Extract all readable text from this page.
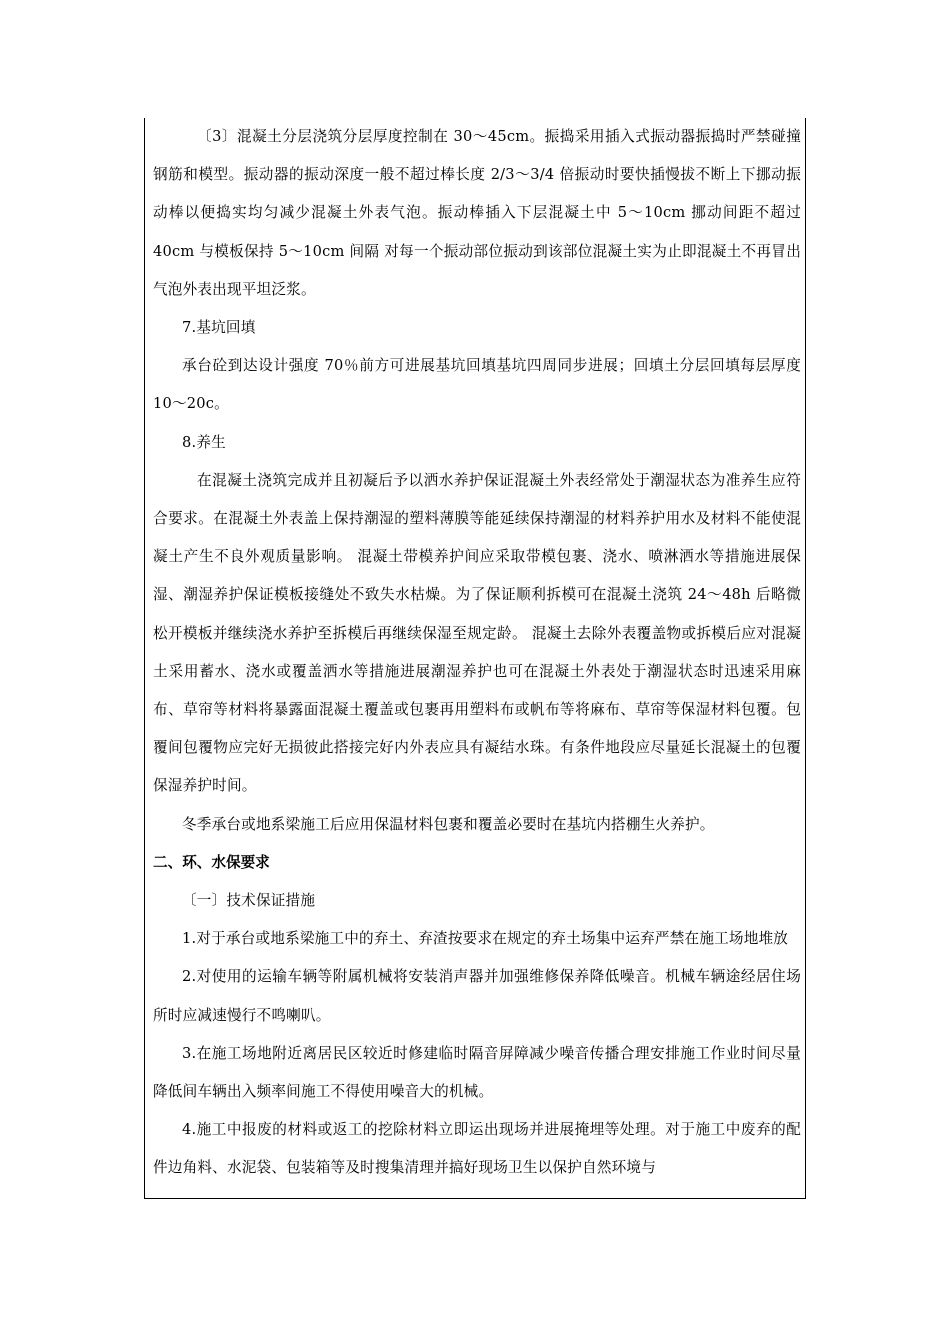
〔3〕混凝土分层浇筑分层厚度控制在 30～45cm。振捣采用插入式振动器振捣时严禁碰撞钢筋和模型。振动器的振动深度一般不超过棒长度 2/3～3/4 倍振动时要快插慢拔不断上下挪动振动棒以便捣实均匀减少混凝土外表气泡。振动棒插入下层混凝土中 5～10cm 挪动间距不超过 40cm 与模板保持 5～10cm 间隔 对每一个振动部位振动到该部位混凝土实为止即混凝土不再冒出气泡外表出现平坦泛浆。

7.基坑回填

承台砼到达设计强度 70％前方可进展基坑回填基坑四周同步进展；回填土分层回填每层厚度 10～20c。

8.养生

在混凝土浇筑完成并且初凝后予以洒水养护保证混凝土外表经常处于潮湿状态为准养生应符合要求。在混凝土外表盖上保持潮湿的塑料薄膜等能延续保持潮湿的材料养护用水及材料不能使混凝土产生不良外观质量影响。 混凝土带模养护间应采取带模包裹、浇水、喷淋洒水等措施进展保湿、潮湿养护保证模板接缝处不致失水枯燥。为了保证顺利拆模可在混凝土浇筑 24～48h 后略微松开模板并继续浇水养护至拆模后再继续保湿至规定龄。 混凝土去除外表覆盖物或拆模后应对混凝土采用蓄水、浇水或覆盖洒水等措施进展潮湿养护也可在混凝土外表处于潮湿状态时迅速采用麻布、草帘等材料将暴露面混凝土覆盖或包裹再用塑料布或帆布等将麻布、草帘等保湿材料包覆。包覆间包覆物应完好无损彼此搭接完好内外表应具有凝结水珠。有条件地段应尽量延长混凝土的包覆保湿养护时间。

冬季承台或地系梁施工后应用保温材料包裹和覆盖必要时在基坑内搭棚生火养护。

二、环、水保要求

〔一〕技术保证措施

1.对于承台或地系梁施工中的弃土、弃渣按要求在规定的弃土场集中运弃严禁在施工场地堆放

2.对使用的运输车辆等附属机械将安装消声器并加强维修保养降低噪音。机械车辆途经居住场所时应减速慢行不鸣喇叭。

3.在施工场地附近离居民区较近时修建临时隔音屏障减少噪音传播合理安排施工作业时间尽量降低间车辆出入频率间施工不得使用噪音大的机械。

4.施工中报废的材料或返工的挖除材料立即运出现场并进展掩埋等处理。对于施工中废弃的配件边角料、水泥袋、包装箱等及时搜集清理并搞好现场卫生以保护自然环境与
